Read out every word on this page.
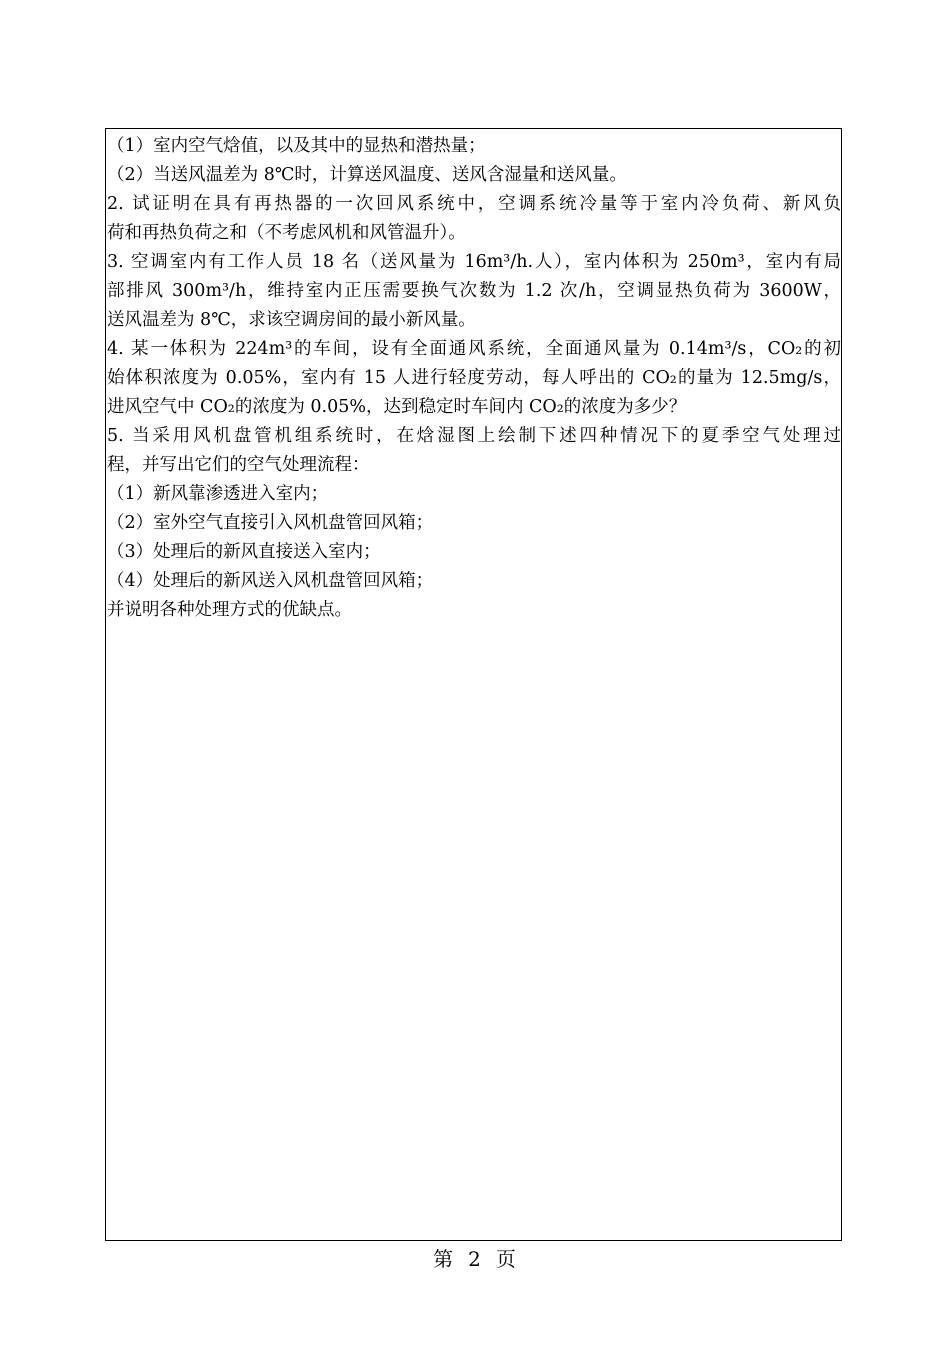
（1）室内空气焓值，以及其中的显热和潜热量；
（2）当送风温差为 8℃时，计算送风温度、送风含湿量和送风量。
2. 试证明在具有再热器的一次回风系统中，空调系统冷量等于室内冷负荷、新风负
荷和再热负荷之和（不考虑风机和风管温升）。
3. 空调室内有工作人员 18 名（送风量为 16m³/h.人），室内体积为 250m³，室内有局
部排风 300m³/h，维持室内正压需要换气次数为 1.2 次/h，空调显热负荷为 3600W，
送风温差为 8℃，求该空调房间的最小新风量。
4. 某一体积为 224m³的车间，设有全面通风系统，全面通风量为 0.14m³/s，CO₂的初
始体积浓度为 0.05%，室内有 15 人进行轻度劳动，每人呼出的 CO₂的量为 12.5mg/s，
进风空气中 CO₂的浓度为 0.05%，达到稳定时车间内 CO₂的浓度为多少？
5. 当采用风机盘管机组系统时，在焓湿图上绘制下述四种情况下的夏季空气处理过
程，并写出它们的空气处理流程：
（1）新风靠渗透进入室内；
（2）室外空气直接引入风机盘管回风箱；
（3）处理后的新风直接送入室内；
（4）处理后的新风送入风机盘管回风箱；
并说明各种处理方式的优缺点。
第 2 页
